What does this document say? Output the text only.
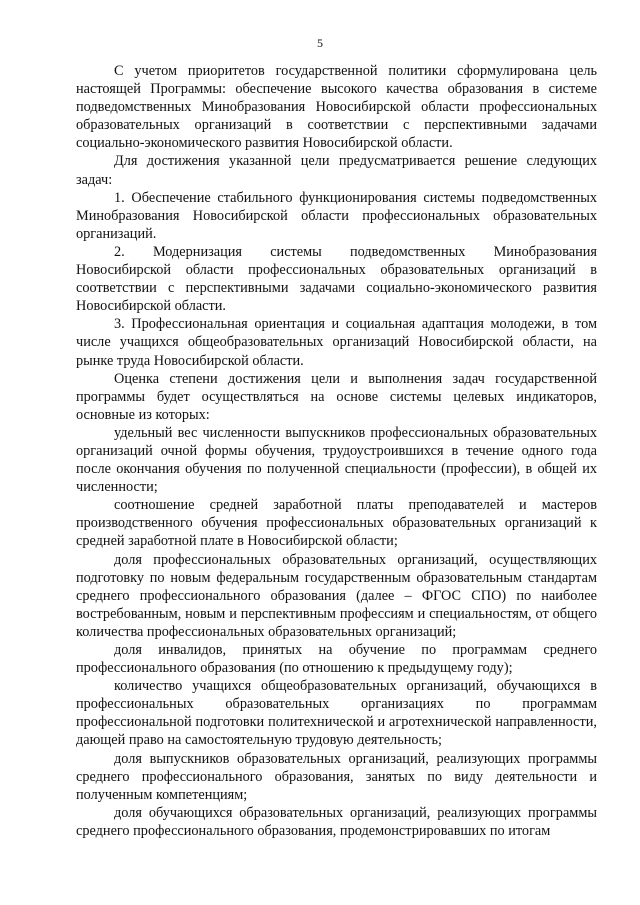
5

С учетом приоритетов государственной политики сформулирована цель настоящей Программы: обеспечение высокого качества образования в системе подведомственных Минобразования Новосибирской области профессиональных образовательных организаций в соответствии с перспективными задачами социально-экономического развития Новосибирской области.

Для достижения указанной цели предусматривается решение следующих задач:

1. Обеспечение стабильного функционирования системы подведомственных Минобразования Новосибирской области профессиональных образовательных организаций.

2. Модернизация системы подведомственных Минобразования Новосибирской области профессиональных образовательных организаций в соответствии с перспективными задачами социально-экономического развития Новосибирской области.

3. Профессиональная ориентация и социальная адаптация молодежи, в том числе учащихся общеобразовательных организаций Новосибирской области, на рынке труда Новосибирской области.

Оценка степени достижения цели и выполнения задач государственной программы будет осуществляться на основе системы целевых индикаторов, основные из которых:

удельный вес численности выпускников профессиональных образовательных организаций очной формы обучения, трудоустроившихся в течение одного года после окончания обучения по полученной специальности (профессии), в общей их численности;

соотношение средней заработной платы преподавателей и мастеров производственного обучения профессиональных образовательных организаций к средней заработной плате в Новосибирской области;

доля профессиональных образовательных организаций, осуществляющих подготовку по новым федеральным государственным образовательным стандартам среднего профессионального образования (далее – ФГОС СПО) по наиболее востребованным, новым и перспективным профессиям и специальностям, от общего количества профессиональных образовательных организаций;

доля инвалидов, принятых на обучение по программам среднего профессионального образования (по отношению к предыдущему году);

количество учащихся общеобразовательных организаций, обучающихся в профессиональных образовательных организациях по программам профессиональной подготовки политехнической и агротехнической направленности, дающей право на самостоятельную трудовую деятельность;

доля выпускников образовательных организаций, реализующих программы среднего профессионального образования, занятых по виду деятельности и полученным компетенциям;

доля обучающихся образовательных организаций, реализующих программы среднего профессионального образования, продемонстрировавших по итогам
